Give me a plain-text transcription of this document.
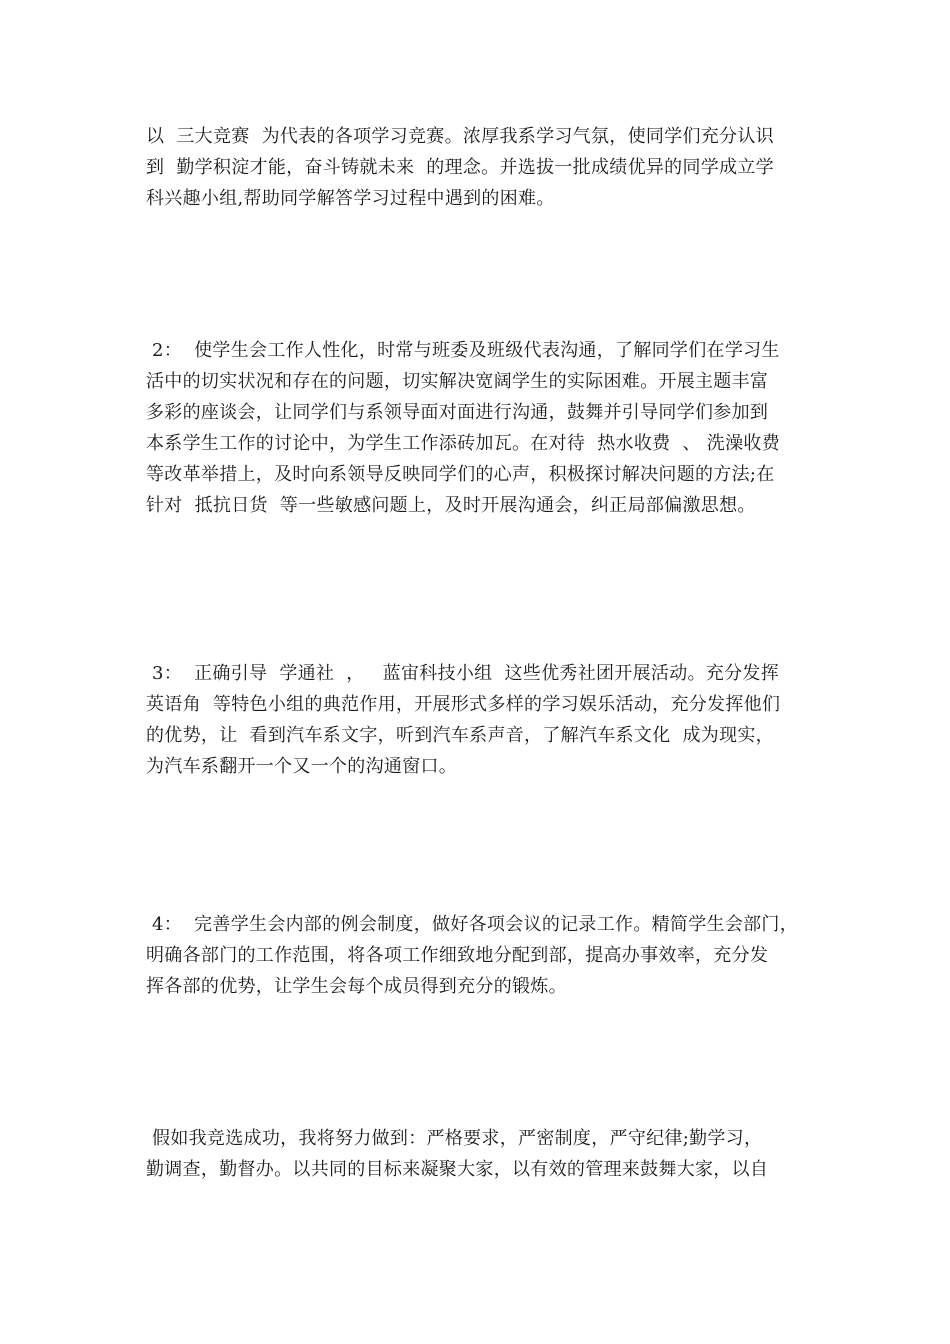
以  三大竞赛  为代表的各项学习竞赛。浓厚我系学习气氛，使同学们充分认识
到  勤学积淀才能，奋斗铸就未来  的理念。并选拔一批成绩优异的同学成立学
科兴趣小组,帮助同学解答学习过程中遇到的困难。
2：  使学生会工作人性化，时常与班委及班级代表沟通，了解同学们在学习生
活中的切实状况和存在的问题，切实解决宽阔学生的实际困难。开展主题丰富
多彩的座谈会，让同学们与系领导面对面进行沟通，鼓舞并引导同学们参加到
本系学生工作的讨论中，为学生工作添砖加瓦。在对待  热水收费  、 洗澡收费
等改革举措上，及时向系领导反映同学们的心声，积极探讨解决问题的方法;在
针对  抵抗日货  等一些敏感问题上，及时开展沟通会，纠正局部偏激思想。
3：  正确引导  学通社  ，   蓝宙科技小组  这些优秀社团开展活动。充分发挥
英语角  等特色小组的典范作用，开展形式多样的学习娱乐活动，充分发挥他们
的优势，让  看到汽车系文字，听到汽车系声音，了解汽车系文化  成为现实，
为汽车系翻开一个又一个的沟通窗口。
4：  完善学生会内部的例会制度，做好各项会议的记录工作。精简学生会部门，
明确各部门的工作范围，将各项工作细致地分配到部，提高办事效率，充分发
挥各部的优势，让学生会每个成员得到充分的锻炼。
假如我竞选成功，我将努力做到：严格要求，严密制度，严守纪律;勤学习，
勤调查，勤督办。以共同的目标来凝聚大家，以有效的管理来鼓舞大家，以自
